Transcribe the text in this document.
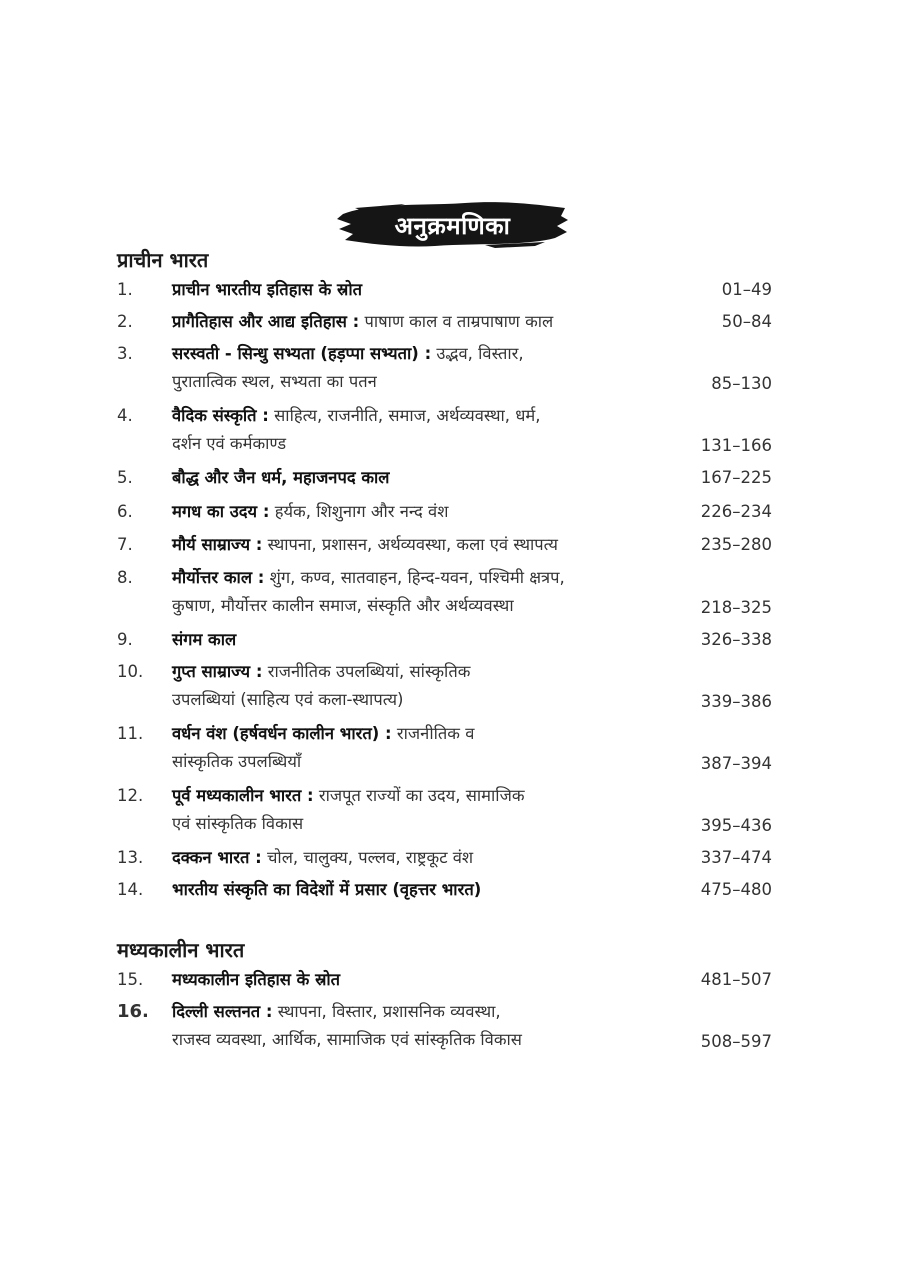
अनुक्रमणिका
प्राचीन भारत
1.	प्राचीन भारतीय इतिहास के स्रोत	01–49
2.	प्रागैतिहास और आद्य इतिहास : पाषाण काल व ताम्रपाषाण काल	50–84
3.	सरस्वती - सिन्धु सभ्यता (हड़प्पा सभ्यता) : उद्भव, विस्तार,
पुरातात्विक स्थल, सभ्यता का पतन	85–130
4.	वैदिक संस्कृति : साहित्य, राजनीति, समाज, अर्थव्यवस्था, धर्म,
दर्शन एवं कर्मकाण्ड	131–166
5.	बौद्ध और जैन धर्म, महाजनपद काल	167–225
6.	मगध का उदय : हर्यक, शिशुनाग और नन्द वंश	226–234
7.	मौर्य साम्राज्य : स्थापना, प्रशासन, अर्थव्यवस्था, कला एवं स्थापत्य	235–280
8.	मौर्योत्तर काल : शुंग, कण्व, सातवाहन, हिन्द-यवन, पश्चिमी क्षत्रप,
कुषाण, मौर्योत्तर कालीन समाज, संस्कृति और अर्थव्यवस्था	218–325
9.	संगम काल	326–338
10.	गुप्त साम्राज्य : राजनीतिक उपलब्धियां, सांस्कृतिक
उपलब्धियां (साहित्य एवं कला-स्थापत्य)	339–386
11.	वर्धन वंश (हर्षवर्धन कालीन भारत) : राजनीतिक व
सांस्कृतिक उपलब्धियाँ	387–394
12.	पूर्व मध्यकालीन भारत : राजपूत राज्यों का उदय, सामाजिक
एवं सांस्कृतिक विकास	395–436
13.	दक्कन भारत : चोल, चालुक्य, पल्लव, राष्ट्रकूट वंश	337–474
14.	भारतीय संस्कृति का विदेशों में प्रसार (वृहत्तर भारत)	475–480
मध्यकालीन भारत
15.	मध्यकालीन इतिहास के स्रोत	481–507
16.	दिल्ली सल्तनत : स्थापना, विस्तार, प्रशासनिक व्यवस्था,
राजस्व व्यवस्था, आर्थिक, सामाजिक एवं सांस्कृतिक विकास	508–597
